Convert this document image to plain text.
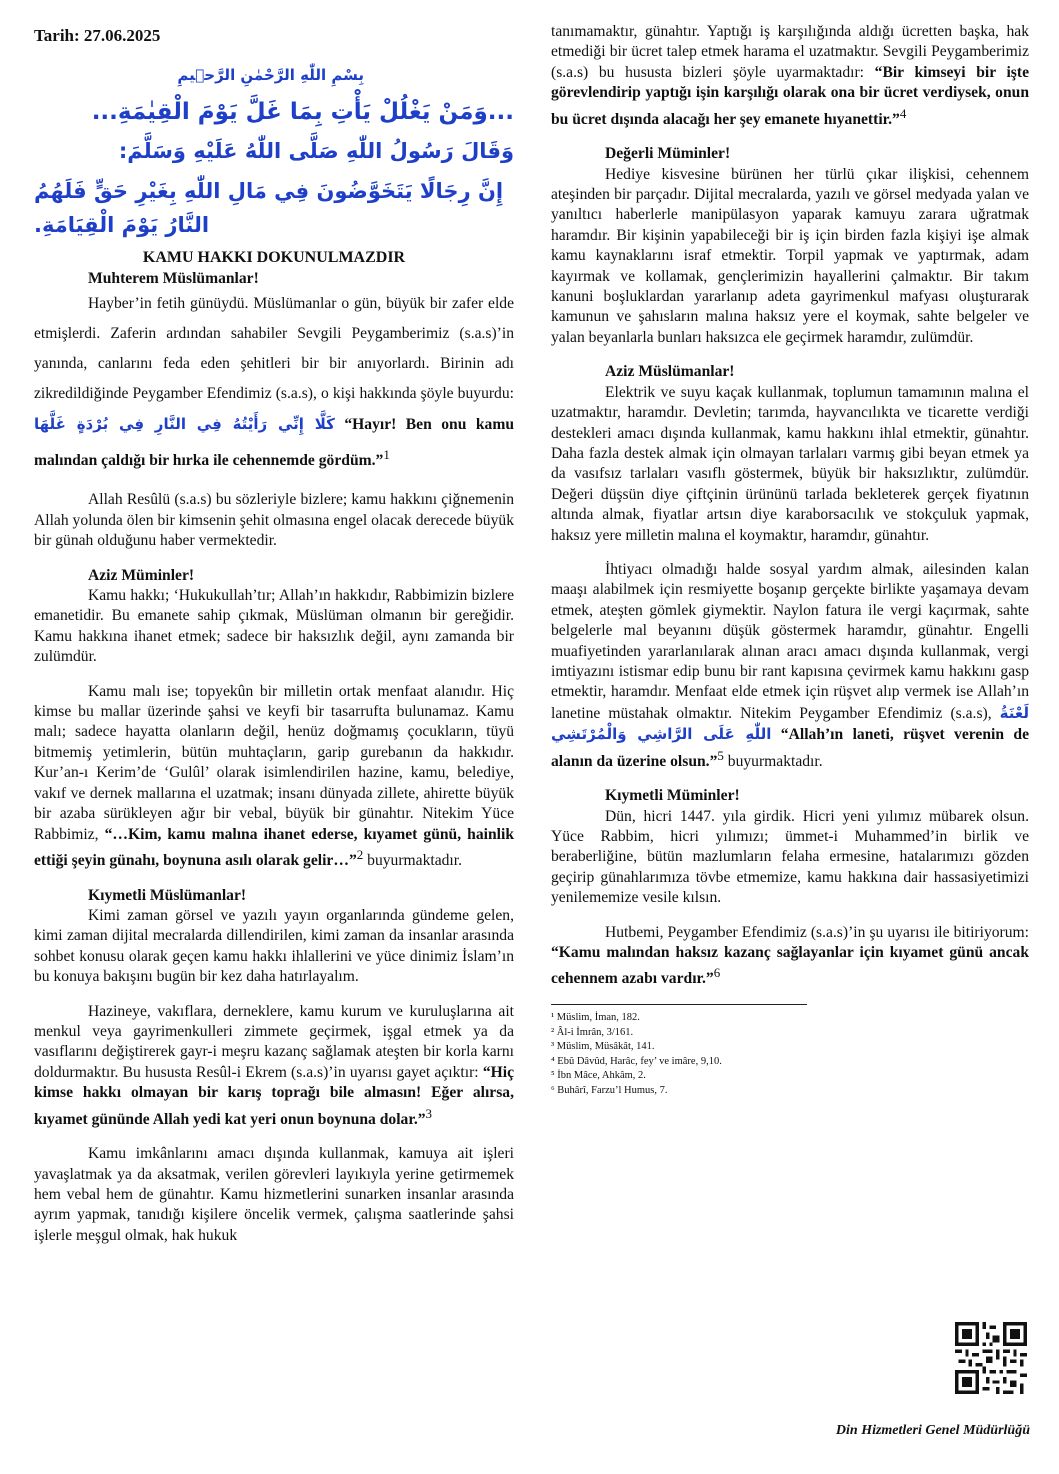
Tarih: 27.06.2025
بِسْمِ اللّٰهِ الرَّحْمٰنِ الرَّح۪يمِ
...وَمَنْ يَغْلُلْ يَأْتِ بِمَا غَلَّ يَوْمَ الْقِيٰمَةِ...
وَقَالَ رَسُولُ اللّٰهِ صَلَّى اللّٰهُ عَلَيْهِ وَسَلَّمَ:
إِنَّ رِجَالًا يَتَخَوَّضُونَ فِي مَالِ اللّٰهِ بِغَيْرِ حَقٍّ فَلَهُمُ النَّارُ يَوْمَ الْقِيَامَةِ.
KAMU HAKKI DOKUNULMAZDIR
Muhterem Müslümanlar!

Hayber’in fetih günüydü. Müslümanlar o gün, büyük bir zafer elde etmişlerdi. Zaferin ardından sahabiler Sevgili Peygamberimiz (s.a.s)’in yanında, canlarını feda eden şehitleri bir bir anıyorlardı. Birinin adı zikredildiğinde Peygamber Efendimiz (s.a.s), o kişi hakkında şöyle buyurdu: كَلَّا إِنِّي رَأَيْتُهُ فِي النَّارِ فِي بُرْدَةٍ غَلَّهَا “Hayır! Ben onu kamu malından çaldığı bir hırka ile cehennemde gördüm.”$^1$

Allah Resûlü (s.a.s) bu sözleriyle bizlere; kamu hakkını çiğnemenin Allah yolunda ölen bir kimsenin şehit olmasına engel olacak derecede büyük bir günah olduğunu haber vermektedir.

Aziz Müminler!

Kamu hakkı; ‘Hukukullah’tır; Allah’ın hakkıdır, Rabbimizin bizlere emanetidir. Bu emanete sahip çıkmak, Müslüman olmanın bir gereğidir. Kamu hakkına ihanet etmek; sadece bir haksızlık değil, aynı zamanda bir zulümdür.

Kamu malı ise; topyekûn bir milletin ortak menfaat alanıdır. Hiç kimse bu mallar üzerinde şahsi ve keyfi bir tasarrufta bulunamaz. Kamu malı; sadece hayatta olanların değil, henüz doğmamış çocukların, tüyü bitmemiş yetimlerin, bütün muhtaçların, garip gurebanın da hakkıdır. Kur’an-ı Kerim’de ‘Gulûl’ olarak isimlendirilen hazine, kamu, belediye, vakıf ve dernek mallarına el uzatmak; insanı dünyada zillete, ahirette büyük bir azaba sürükleyen ağır bir vebal, büyük bir günahtır. Nitekim Yüce Rabbimiz, “…Kim, kamu malına ihanet ederse, kıyamet günü, hainlik ettiği şeyin günahı, boynuna asılı olarak gelir…”$^2$ buyurmaktadır.

Kıymetli Müslümanlar!

Kimi zaman görsel ve yazılı yayın organlarında gündeme gelen, kimi zaman dijital mecralarda dillendirilen, kimi zaman da insanlar arasında sohbet konusu olarak geçen kamu hakkı ihlallerini ve yüce dinimiz İslam’ın bu konuya bakışını bugün bir kez daha hatırlayalım.

Hazineye, vakıflara, derneklere, kamu kurum ve kuruluşlarına ait menkul veya gayrimenkulleri zimmete geçirmek, işgal etmek ya da vasıflarını değiştirerek gayr-i meşru kazanç sağlamak ateşten bir korla karnı doldurmaktır. Bu hususta Resûl-i Ekrem (s.a.s)’in uyarısı gayet açıktır: “Hiç kimse hakkı olmayan bir karış toprağı bile almasın! Eğer alırsa, kıyamet gününde Allah yedi kat yeri onun boynuna dolar.”$^3$

Kamu imkânlarını amacı dışında kullanmak, kamuya ait işleri yavaşlatmak ya da aksatmak, verilen görevleri layıkıyla yerine getirmemek hem vebal hem de günahtır. Kamu hizmetlerini sunarken insanlar arasında ayrım yapmak, tanıdığı kişilere öncelik vermek, çalışma saatlerinde şahsi işlerle meşgul olmak, hak hukuk

tanımamaktır, günahtır. Yaptığı iş karşılığında aldığı ücretten başka, hak etmediği bir ücret talep etmek harama el uzatmaktır. Sevgili Peygamberimiz (s.a.s) bu hususta bizleri şöyle uyarmaktadır: “Bir kimseyi bir işte görevlendirip yaptığı işin karşılığı olarak ona bir ücret verdiysek, onun bu ücret dışında alacağı her şey emanete hıyanettir.”$^4$

Değerli Müminler!

Hediye kisvesine bürünen her türlü çıkar ilişkisi, cehennem ateşinden bir parçadır. Dijital mecralarda, yazılı ve görsel medyada yalan ve yanıltıcı haberlerle manipülasyon yaparak kamuyu zarara uğratmak haramdır. Bir kişinin yapabileceği bir iş için birden fazla kişiyi işe almak kamu kaynaklarını israf etmektir. Torpil yapmak ve yaptırmak, adam kayırmak ve kollamak, gençlerimizin hayallerini çalmaktır. Bir takım kanuni boşluklardan yararlanıp adeta gayrimenkul mafyası oluşturarak kamunun ve şahısların malına haksız yere el koymak, sahte belgeler ve yalan beyanlarla bunları haksızca ele geçirmek haramdır, zulümdür.

Aziz Müslümanlar!

Elektrik ve suyu kaçak kullanmak, toplumun tamamının malına el uzatmaktır, haramdır. Devletin; tarımda, hayvancılıkta ve ticarette verdiği destekleri amacı dışında kullanmak, kamu hakkını ihlal etmektir, günahtır. Daha fazla destek almak için olmayan tarlaları varmış gibi beyan etmek ya da vasıfsız tarlaları vasıflı göstermek, büyük bir haksızlıktır, zulümdür. Değeri düşsün diye çiftçinin ürününü tarlada bekleterek gerçek fiyatının altında almak, fiyatlar artsın diye karaborsacılık ve stokçuluk yapmak, haksız yere milletin malına el koymaktır, haramdır, günahtır.

İhtiyacı olmadığı halde sosyal yardım almak, ailesinden kalan maaşı alabilmek için resmiyette boşanıp gerçekte birlikte yaşamaya devam etmek, ateşten gömlek giymektir. Naylon fatura ile vergi kaçırmak, sahte belgelerle mal beyanını düşük göstermek haramdır, günahtır. Engelli muafiyetinden yararlanılarak alınan aracı amacı dışında kullanmak, vergi imtiyazını istismar edip bunu bir rant kapısına çevirmek kamu hakkını gasp etmektir, haramdır. Menfaat elde etmek için rüşvet alıp vermek ise Allah’ın lanetine müstahak olmaktır. Nitekim Peygamber Efendimiz (s.a.s), لَعْنَةُ اللّٰهِ عَلَى الرَّاشِي وَالْمُرْتَشِي “Allah’ın laneti, rüşvet verenin de alanın da üzerine olsun.”$^5$ buyurmaktadır.

Kıymetli Müminler!

Dün, hicri 1447. yıla girdik. Hicri yeni yılımız mübarek olsun. Yüce Rabbim, hicri yılımızı; ümmet-i Muhammed’in birlik ve beraberliğine, bütün mazlumların felaha ermesine, hatalarımızı gözden geçirip günahlarımıza tövbe etmemize, kamu hakkına dair hassasiyetimizi yenilememize vesile kılsın.

Hutbemi, Peygamber Efendimiz (s.a.s)’in şu uyarısı ile bitiriyorum: “Kamu malından haksız kazanç sağlayanlar için kıyamet günü ancak cehennem azabı vardır.”$^6$

¹ Müslim, İman, 182.
² Âl-i İmrân, 3/161.
³ Müslim, Müsâkât, 141.
⁴ Ebû Dâvûd, Harâc, fey’ ve imâre, 9,10.
⁵ İbn Mâce, Ahkâm, 2.
⁶ Buhârî, Farzu’l Humus, 7.
Din Hizmetleri Genel Müdürlüğü
